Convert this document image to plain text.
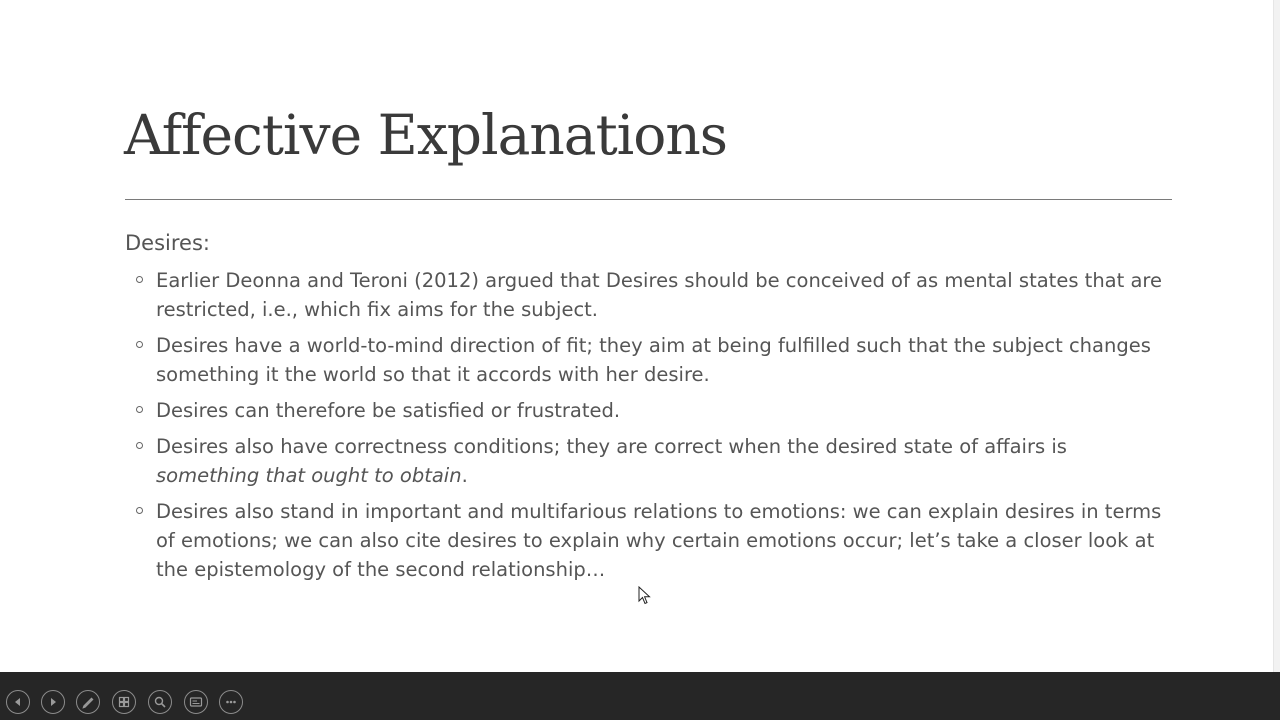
Affective Explanations
Desires:
Earlier Deonna and Teroni (2012) argued that Desires should be conceived of as mental states that are restricted, i.e., which fix aims for the subject.
Desires have a world-to-mind direction of fit; they aim at being fulfilled such that the subject changes something it the world so that it accords with her desire.
Desires can therefore be satisfied or frustrated.
Desires also have correctness conditions; they are correct when the desired state of affairs is
something that ought to obtain.
Desires also stand in important and multifarious relations to emotions: we can explain desires in terms of emotions; we can also cite desires to explain why certain emotions occur; let’s take a closer look at the epistemology of the second relationship…
